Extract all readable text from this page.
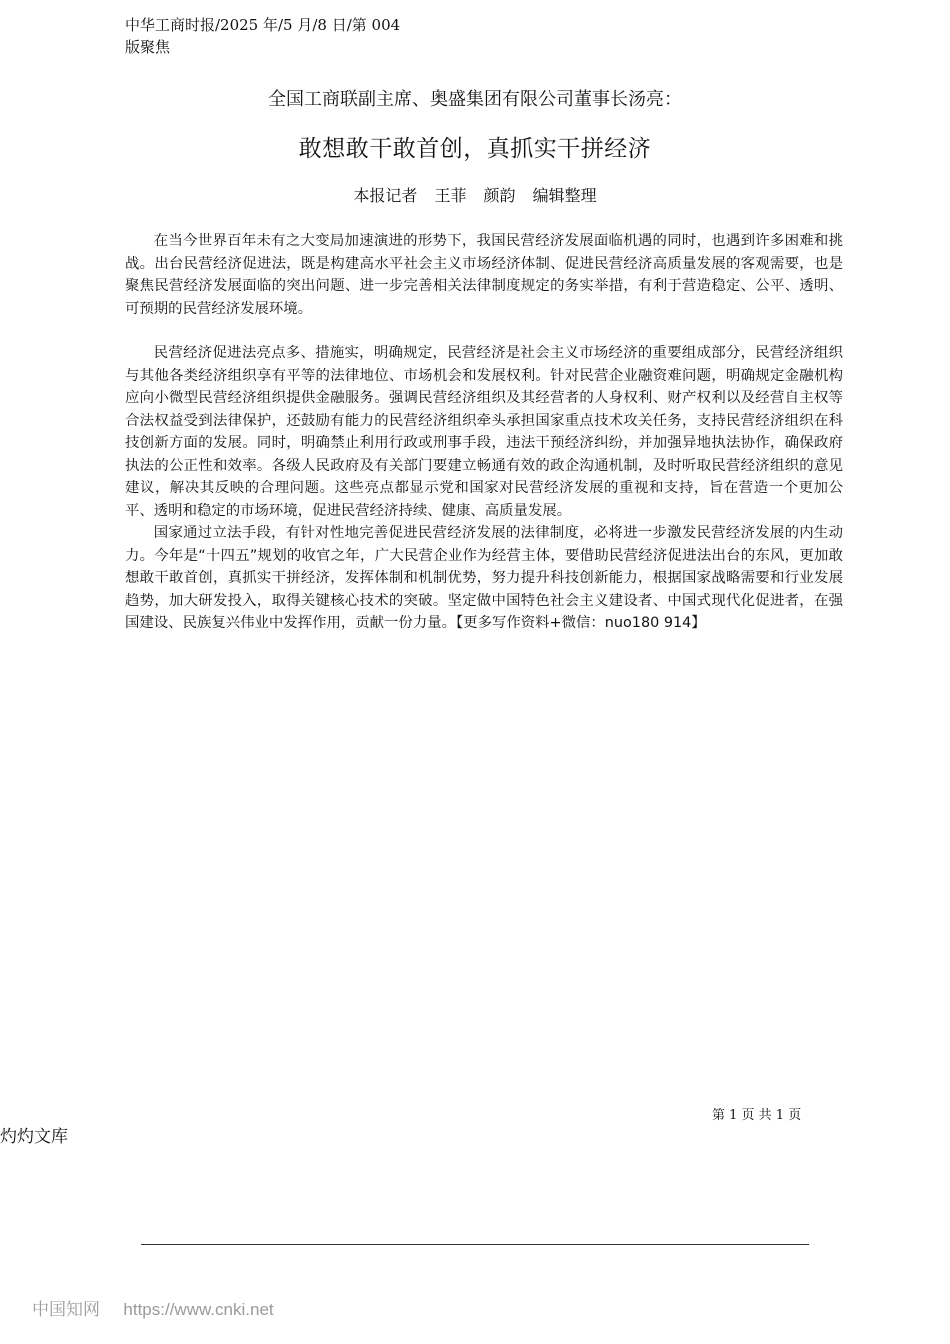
中华工商时报/2025 年/5 月/8 日/第 004
版聚焦
全国工商联副主席、奥盛集团有限公司董事长汤亮：
敢想敢干敢首创，真抓实干拼经济
本报记者 王菲 颜韵 编辑整理

在当今世界百年未有之大变局加速演进的形势下，我国民营经济发展面临机遇的同时，也遇到许多困难和挑战。出台民营经济促进法，既是构建高水平社会主义市场经济体制、促进民营经济高质量发展的客观需要，也是聚焦民营经济发展面临的突出问题、进一步完善相关法律制度规定的务实举措，有利于营造稳定、公平、透明、可预期的民营经济发展环境。

民营经济促进法亮点多、措施实，明确规定，民营经济是社会主义市场经济的重要组成部分，民营经济组织与其他各类经济组织享有平等的法律地位、市场机会和发展权利。针对民营企业融资难问题，明确规定金融机构应向小微型民营经济组织提供金融服务。强调民营经济组织及其经营者的人身权利、财产权利以及经营自主权等合法权益受到法律保护，还鼓励有能力的民营经济组织牵头承担国家重点技术攻关任务，支持民营经济组织在科技创新方面的发展。同时，明确禁止利用行政或刑事手段，违法干预经济纠纷，并加强异地执法协作，确保政府执法的公正性和效率。各级人民政府及有关部门要建立畅通有效的政企沟通机制，及时听取民营经济组织的意见建议，解决其反映的合理问题。这些亮点都显示党和国家对民营经济发展的重视和支持，旨在营造一个更加公平、透明和稳定的市场环境，促进民营经济持续、健康、高质量发展。

国家通过立法手段，有针对性地完善促进民营经济发展的法律制度，必将进一步激发民营经济发展的内生动力。今年是“十四五”规划的收官之年，广大民营企业作为经营主体，要借助民营经济促进法出台的东风，更加敢想敢干敢首创，真抓实干拼经济，发挥体制和机制优势，努力提升科技创新能力，根据国家战略需要和行业发展趋势，加大研发投入，取得关键核心技术的突破。坚定做中国特色社会主义建设者、中国式现代化促进者，在强国建设、民族复兴伟业中发挥作用，贡献一份力量。【更多写作资料+微信：nuo180 914】

第 1 页 共 1 页
灼灼文库
中国知网 https://www.cnki.net
